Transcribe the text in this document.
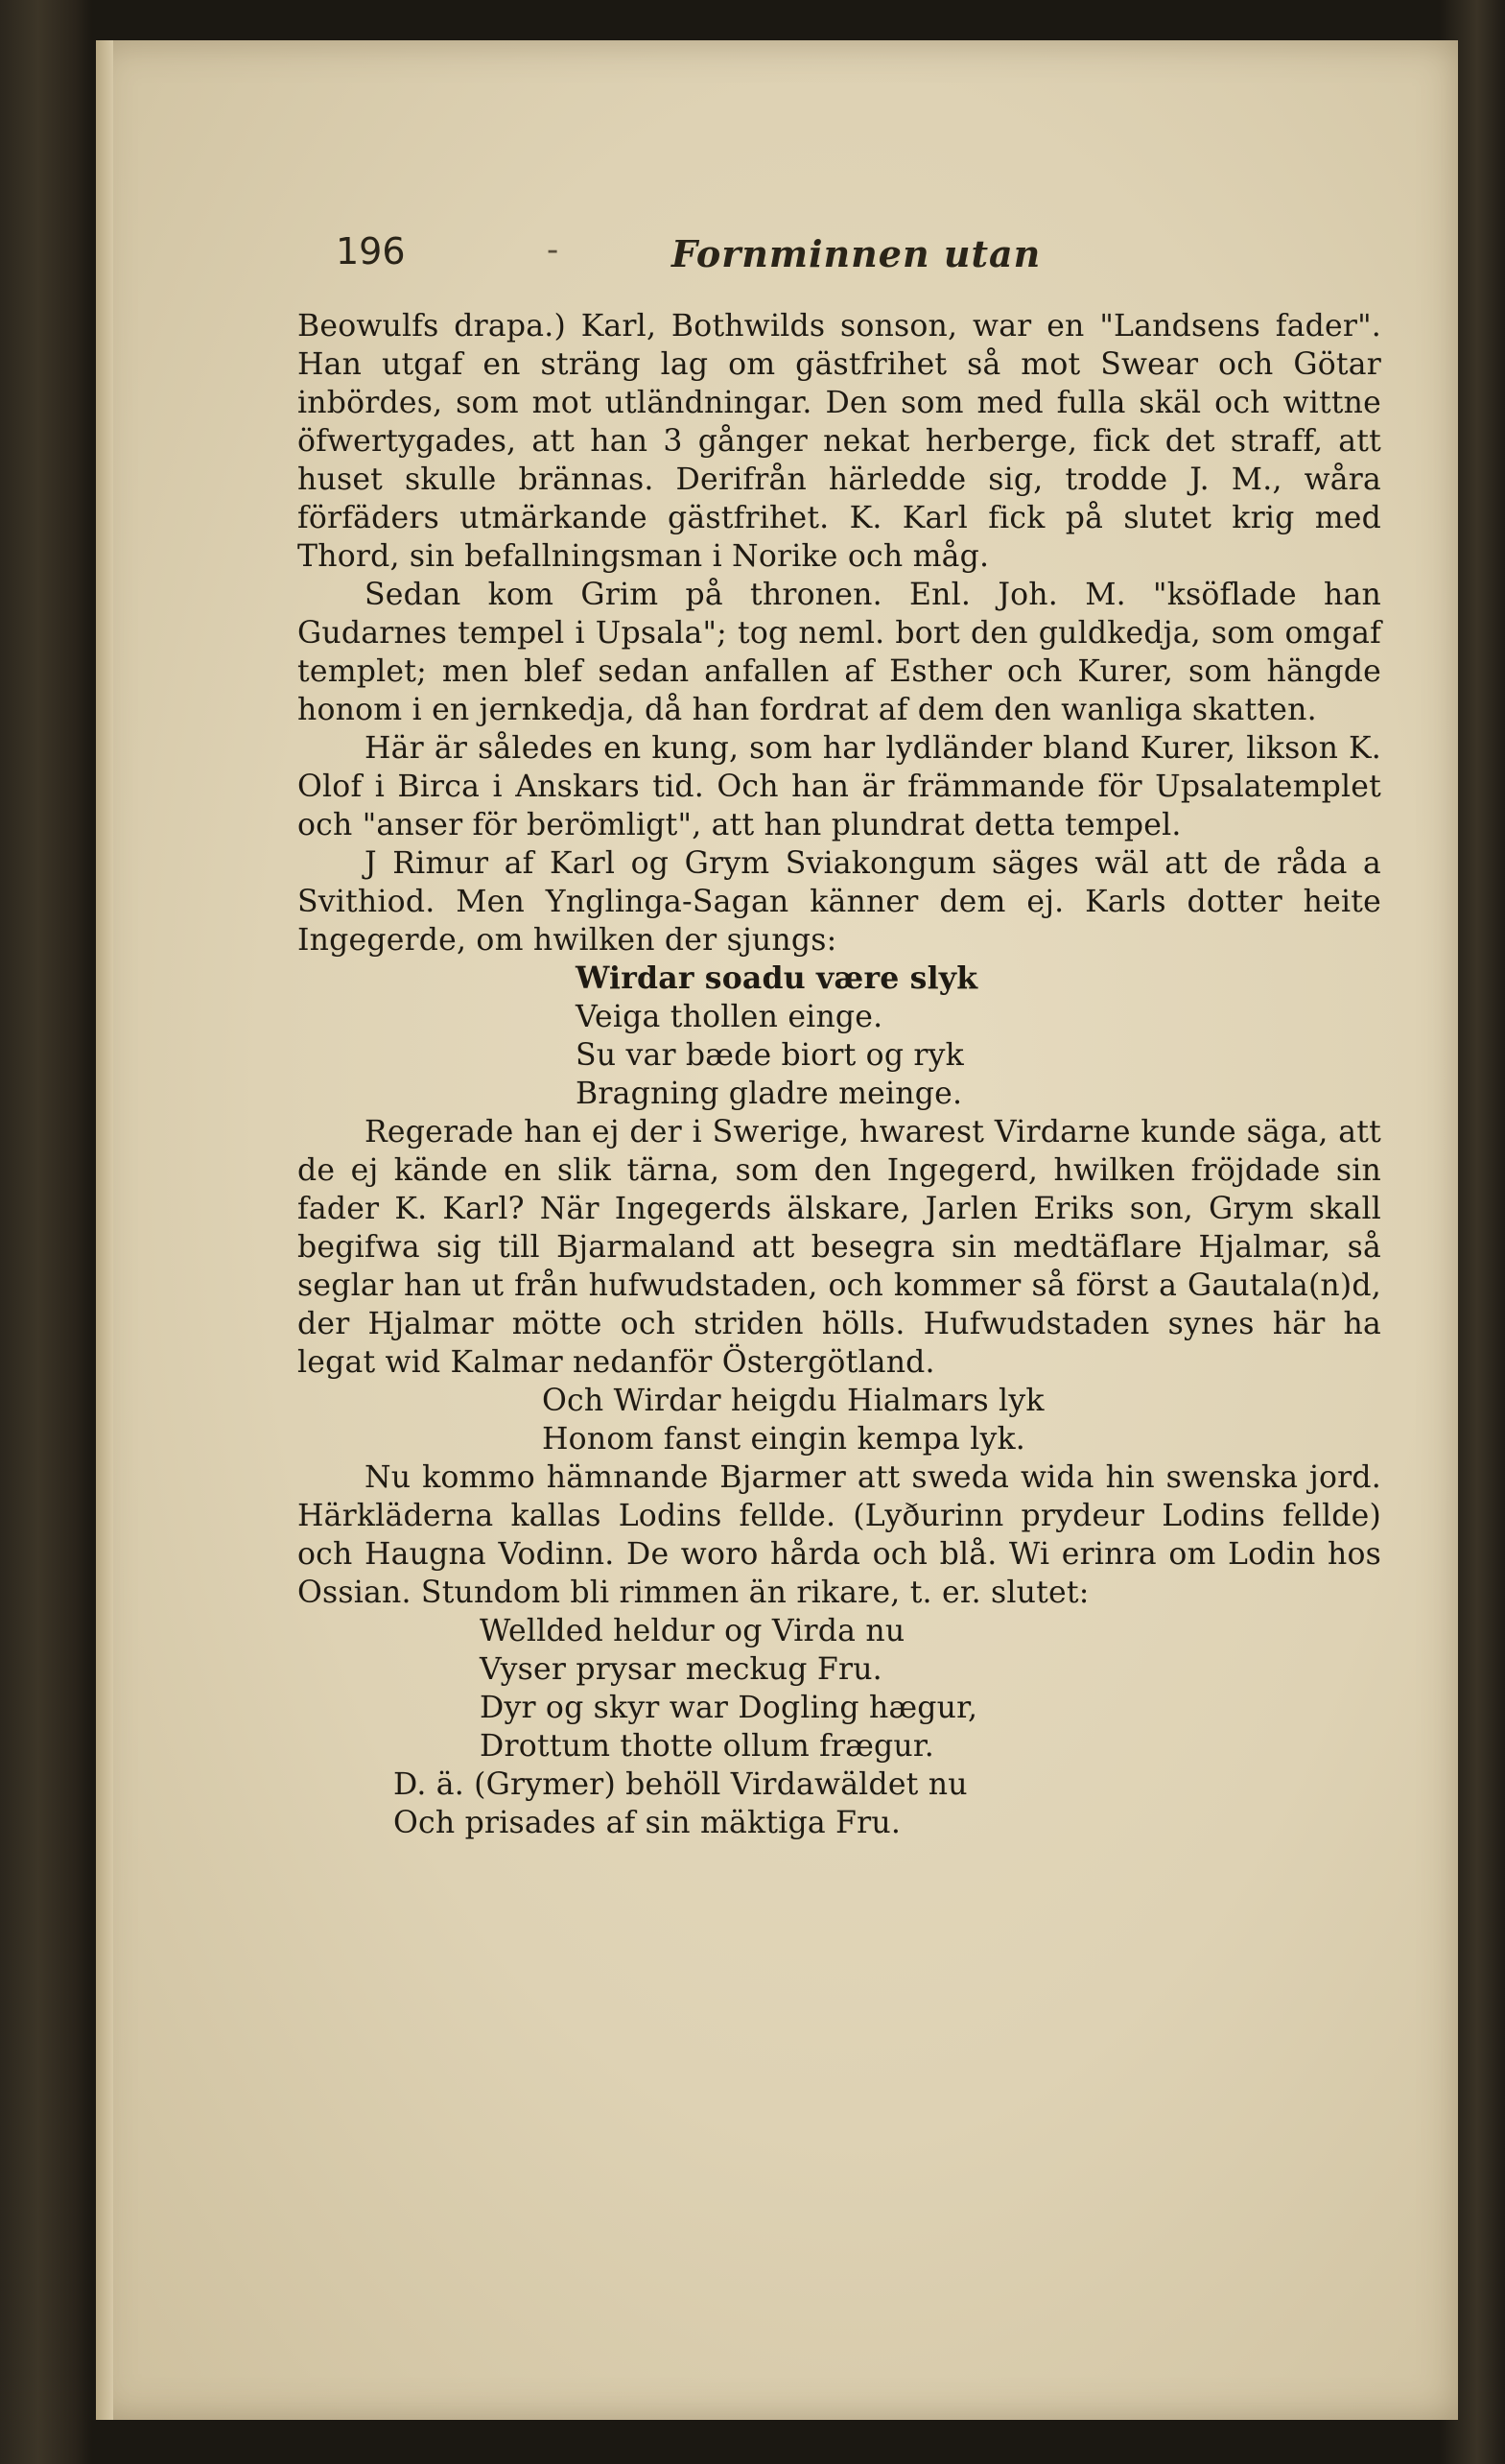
196	-	Fornminnen utan

Beowulfs drapa.) Karl, Bothwilds sonson, war en "Landsens fader". Han utgaf en sträng lag om gästfrihet så mot Swear och Götar inbördes, som mot utländningar. Den som med fulla skäl och wittne öfwertygades, att han 3 gånger nekat herberge, fick det straff, att huset skulle brännas. Derifrån härledde sig, trodde J. M., wåra förfäders utmärkande gästfrihet. K. Karl fick på slutet krig med Thord, sin befallningsman i Norike och måg.

Sedan kom Grim på thronen. Enl. Joh. M. "ksöflade han Gudarnes tempel i Upsala"; tog neml. bort den guldkedja, som omgaf templet; men blef sedan anfallen af Esther och Kurer, som hängde honom i en jernkedja, då han fordrat af dem den wanliga skatten.

Här är således en kung, som har lydländer bland Kurer, likson K. Olof i Birca i Anskars tid. Och han är främmande för Upsalatemplet och "anser för berömligt", att han plundrat detta tempel.

J Rimur af Karl og Grym Sviakongum säges wäl att de råda a Svithiod. Men Ynglinga-Sagan känner dem ej. Karls dotter heite Ingegerde, om hwilken der sjungs:

Wirdar soadu være slyk

Veiga thollen einge.

Su var bæde biort og ryk

Bragning gladre meinge.

Regerade han ej der i Swerige, hwarest Virdarne kunde säga, att de ej kände en slik tärna, som den Ingegerd, hwilken fröjdade sin fader K. Karl? När Ingegerds älskare, Jarlen Eriks son, Grym skall begifwa sig till Bjarmaland att besegra sin medtäflare Hjalmar, så seglar han ut från hufwudstaden, och kommer så först a Gautala(n)d, der Hjalmar mötte och striden hölls. Hufwudstaden synes här ha legat wid Kalmar nedanför Östergötland.

Och Wirdar heigdu Hialmars lyk

Honom fanst eingin kempa lyk.

Nu kommo hämnande Bjarmer att sweda wida hin swenska jord. Härkläderna kallas Lodins fellde. (Lyðurinn prydeur Lodins fellde) och Haugna Vodinn. De woro hårda och blå. Wi erinra om Lodin hos Ossian. Stundom bli rimmen än rikare, t. er. slutet:

Wellded heldur og Virda nu

Vyser prysar meckug Fru.

Dyr og skyr war Dogling hægur,

Drottum thotte ollum frægur.

D. ä. (Grymer) behöll Virdawäldet nu

Och prisades af sin mäktiga Fru.
